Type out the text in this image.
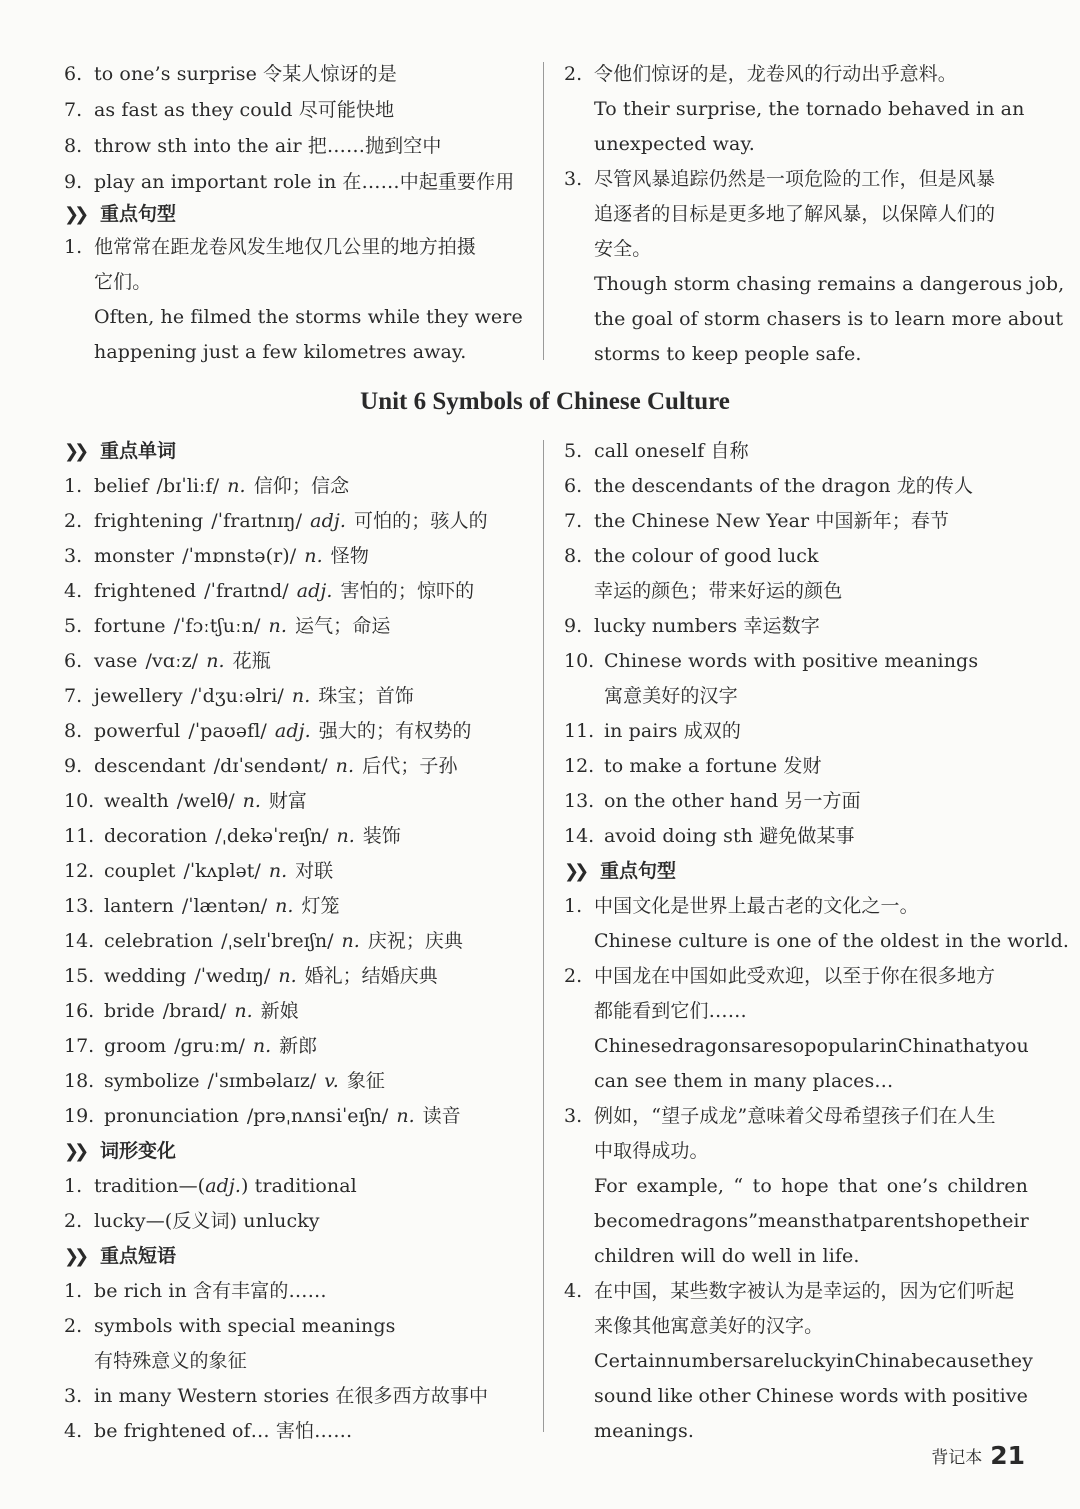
6. to one’s surprise 令某人惊讶的是
7. as fast as they could 尽可能快地
8. throw sth into the air 把……抛到空中
9. play an important role in 在……中起重要作用
❯❯ 重点句型
1. 他常常在距龙卷风发生地仅几公里的地方拍摄
它们。
Often, he filmed the storms while they were
happening just a few kilometres away.
2. 令他们惊讶的是，龙卷风的行动出乎意料。
To their surprise, the tornado behaved in an
unexpected way.
3. 尽管风暴追踪仍然是一项危险的工作，但是风暴
追逐者的目标是更多地了解风暴，以保障人们的
安全。
Though storm chasing remains a dangerous job,
the goal of storm chasers is to learn more about
storms to keep people safe.
Unit 6 Symbols of Chinese Culture
❯❯ 重点单词
1. belief /bɪˈliːf/ n. 信仰；信念
2. frightening /ˈfraɪtnɪŋ/ adj. 可怕的；骇人的
3. monster /ˈmɒnstə(r)/ n. 怪物
4. frightened /ˈfraɪtnd/ adj. 害怕的；惊吓的
5. fortune /ˈfɔːtʃuːn/ n. 运气；命运
6. vase /vɑːz/ n. 花瓶
7. jewellery /ˈdʒuːəlri/ n. 珠宝；首饰
8. powerful /ˈpaʊəfl/ adj. 强大的；有权势的
9. descendant /dɪˈsendənt/ n. 后代；子孙
10. wealth /welθ/ n. 财富
11. decoration /ˌdekəˈreɪʃn/ n. 装饰
12. couplet /ˈkʌplət/ n. 对联
13. lantern /ˈlæntən/ n. 灯笼
14. celebration /ˌselɪˈbreɪʃn/ n. 庆祝；庆典
15. wedding /ˈwedɪŋ/ n. 婚礼；结婚庆典
16. bride /braɪd/ n. 新娘
17. groom /ɡruːm/ n. 新郎
18. symbolize /ˈsɪmbəlaɪz/ v. 象征
19. pronunciation /prəˌnʌnsiˈeɪʃn/ n. 读音
❯❯ 词形变化
1. tradition—(adj.) traditional
2. lucky—(反义词) unlucky
❯❯ 重点短语
1. be rich in 含有丰富的……
2. symbols with special meanings
有特殊意义的象征
3. in many Western stories 在很多西方故事中
4. be frightened of… 害怕……
5. call oneself 自称
6. the descendants of the dragon 龙的传人
7. the Chinese New Year 中国新年；春节
8. the colour of good luck
幸运的颜色；带来好运的颜色
9. lucky numbers 幸运数字
10. Chinese words with positive meanings
寓意美好的汉字
11. in pairs 成双的
12. to make a fortune 发财
13. on the other hand 另一方面
14. avoid doing sth 避免做某事
❯❯ 重点句型
1. 中国文化是世界上最古老的文化之一。
Chinese culture is one of the oldest in the world.
2. 中国龙在中国如此受欢迎，以至于你在很多地方
都能看到它们……
Chinese dragons are so popular in China that you
can see them in many places…
3. 例如，“望子成龙”意味着父母希望孩子们在人生
中取得成功。
For example, “ to hope that one’s children
become dragons” means that parents hope their
children will do well in life.
4. 在中国，某些数字被认为是幸运的，因为它们听起
来像其他寓意美好的汉字。
Certain numbers are lucky in China because they
sound like other Chinese words with positive
meanings.
背记本 21
